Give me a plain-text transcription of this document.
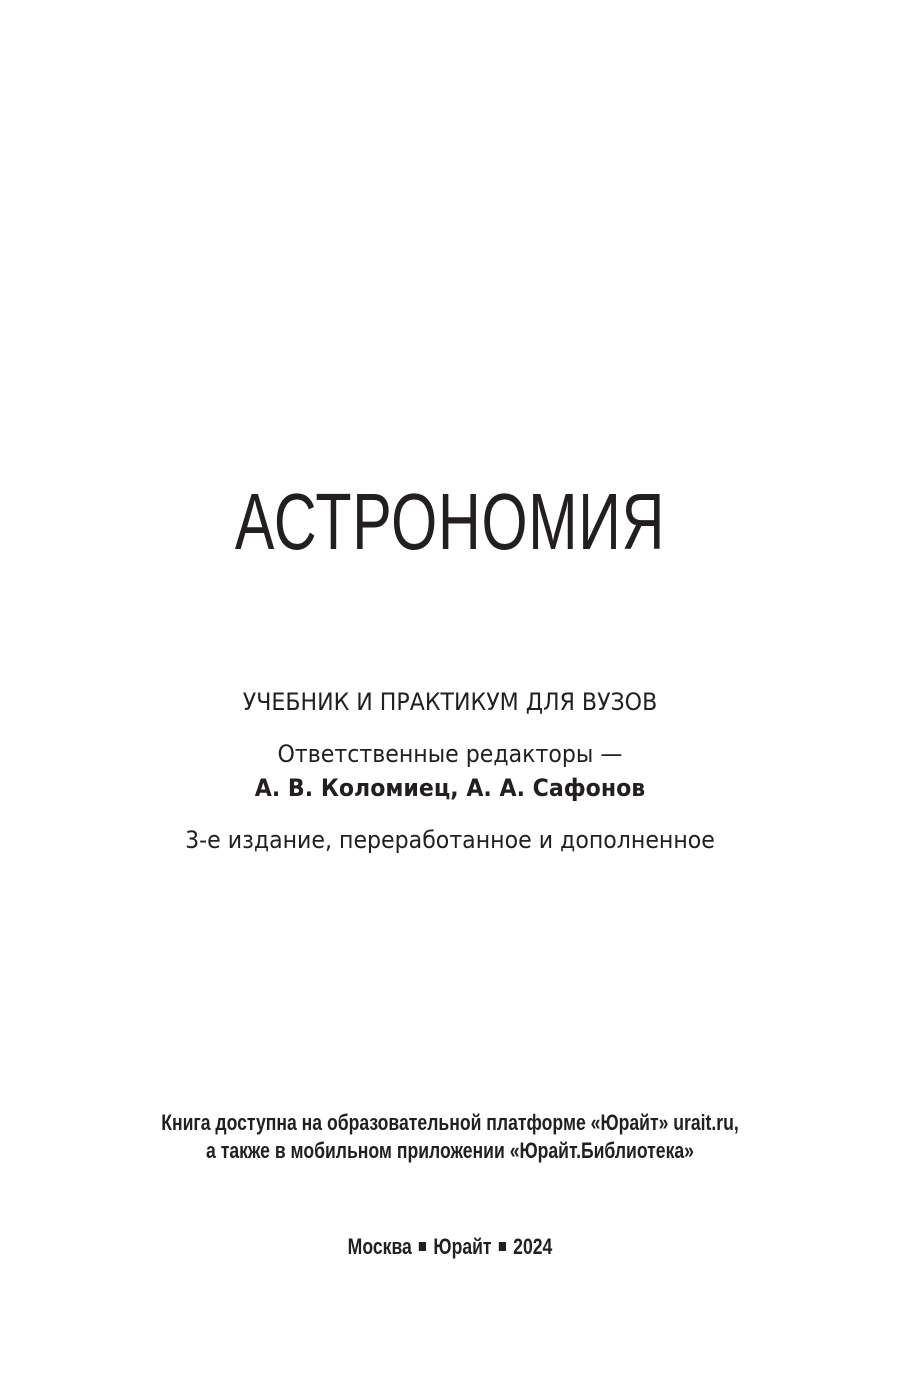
АСТРОНОМИЯ
УЧЕБНИК И ПРАКТИКУМ ДЛЯ ВУЗОВ
Ответственные редакторы —
А. В. Коломиец, А. А. Сафонов
3-е издание, переработанное и дополненное
Книга доступна на образовательной платформе «Юрайт» urait.ru,
а также в мобильном приложении «Юрайт.Библиотека»
Москва Юрайт 2024
